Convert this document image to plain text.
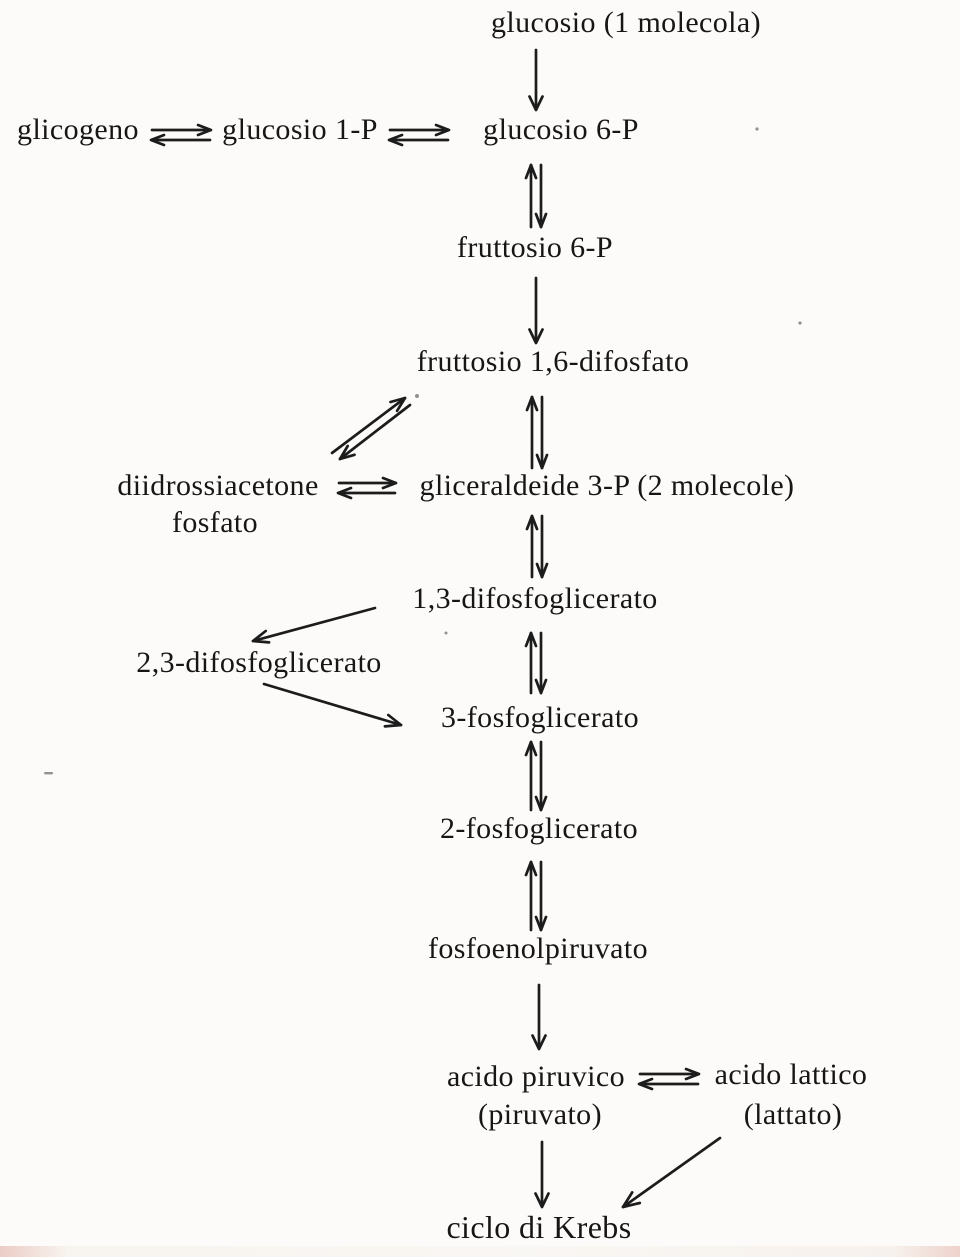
glucosio (1 molecola)
glicogeno	glucosio 1-P	glucosio 6-P
fruttosio 6-P
fruttosio 1,6-difosfato
diidrossiacetone
fosfato
gliceraldeide 3-P (2 molecole)
1,3-difosfoglicerato
2,3-difosfoglicerato
3-fosfoglicerato
2-fosfoglicerato
fosfoenolpiruvato
acido piruvico
(piruvato)
acido lattico
(lattato)
ciclo di Krebs
